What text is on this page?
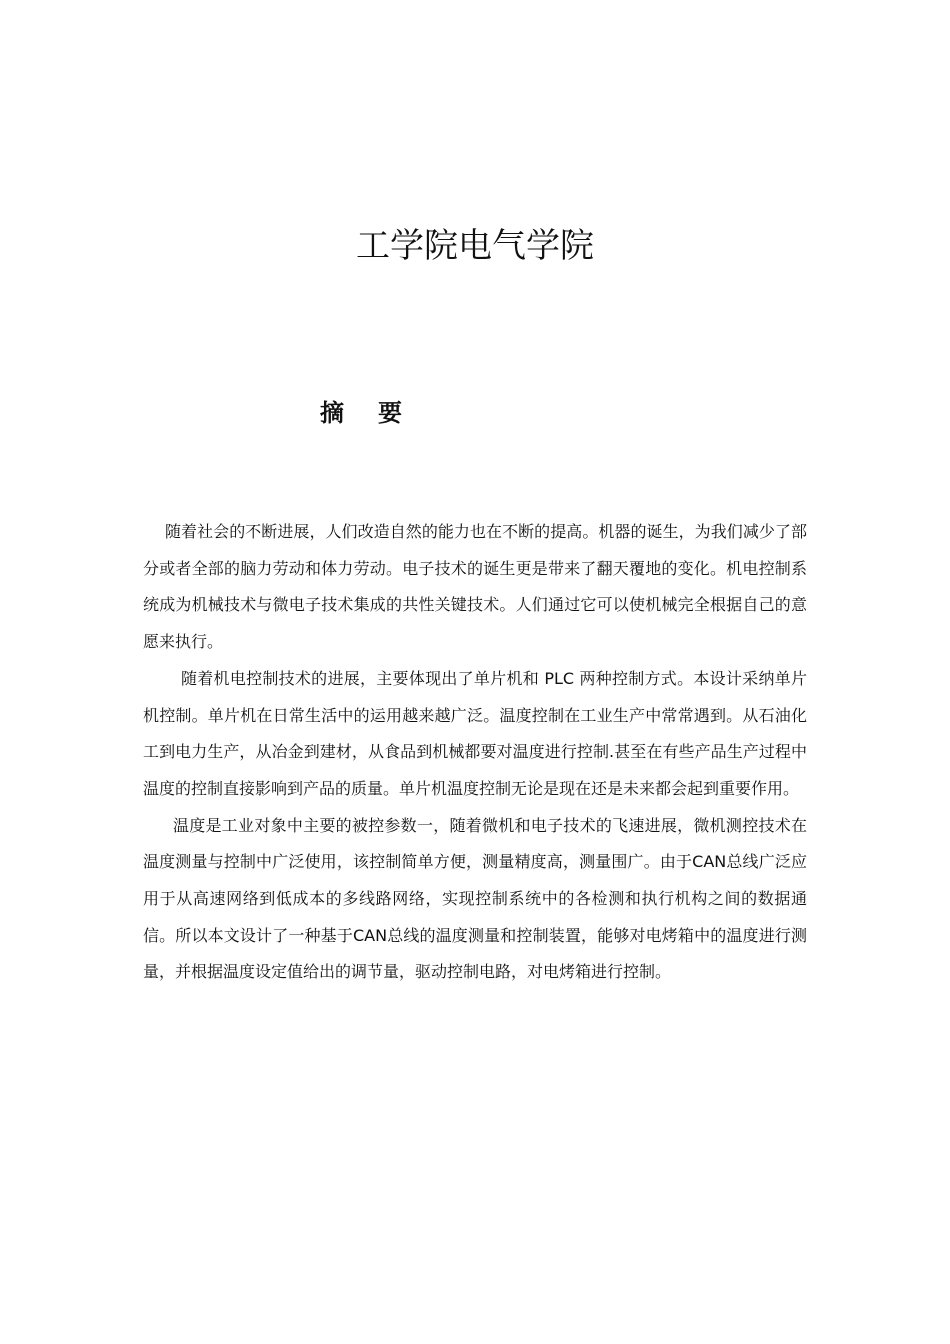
工学院电气学院
摘 要

随着社会的不断进展，人们改造自然的能力也在不断的提高。机器的诞生，为我们减少了部分或者全部的脑力劳动和体力劳动。电子技术的诞生更是带来了翻天覆地的变化。机电控制系统成为机械技术与微电子技术集成的共性关键技术。人们通过它可以使机械完全根据自己的意愿来执行。

随着机电控制技术的进展，主要体现出了单片机和 PLC 两种控制方式。本设计采纳单片机控制。单片机在日常生活中的运用越来越广泛。温度控制在工业生产中常常遇到。从石油化工到电力生产，从冶金到建材，从食品到机械都要对温度进行控制.甚至在有些产品生产过程中温度的控制直接影响到产品的质量。单片机温度控制无论是现在还是未来都会起到重要作用。

温度是工业对象中主要的被控参数一，随着微机和电子技术的飞速进展，微机测控技术在温度测量与控制中广泛使用，该控制简单方便，测量精度高，测量围广。由于CAN总线广泛应用于从高速网络到低成本的多线路网络，实现控制系统中的各检测和执行机构之间的数据通信。所以本文设计了一种基于CAN总线的温度测量和控制装置，能够对电烤箱中的温度进行测量，并根据温度设定值给出的调节量，驱动控制电路，对电烤箱进行控制。
